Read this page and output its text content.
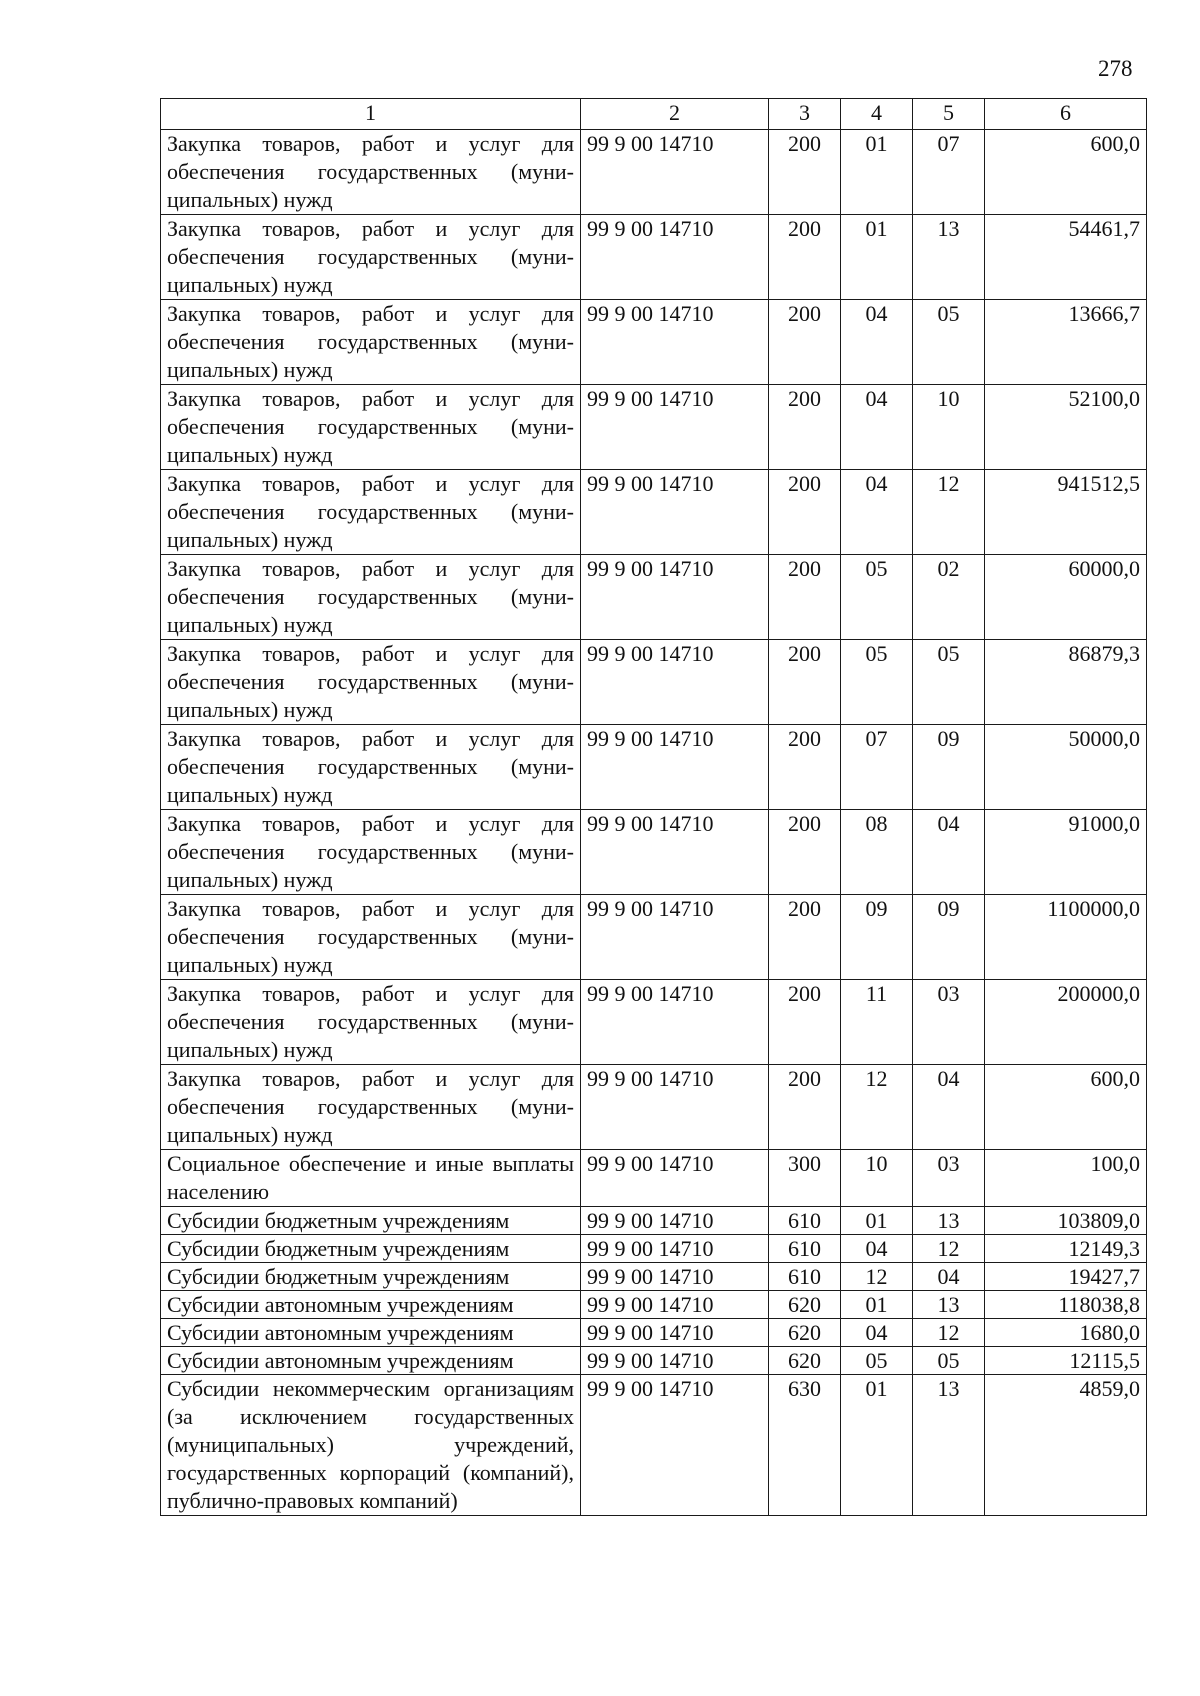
278
1	2	3	4	5	6
Закупка товаров, работ и услуг для обеспечения государственных (муниципальных) нужд	99 9 00 14710	200	01	07	600,0
Закупка товаров, работ и услуг для обеспечения государственных (муниципальных) нужд	99 9 00 14710	200	01	13	54461,7
Закупка товаров, работ и услуг для обеспечения государственных (муниципальных) нужд	99 9 00 14710	200	04	05	13666,7
Закупка товаров, работ и услуг для обеспечения государственных (муниципальных) нужд	99 9 00 14710	200	04	10	52100,0
Закупка товаров, работ и услуг для обеспечения государственных (муниципальных) нужд	99 9 00 14710	200	04	12	941512,5
Закупка товаров, работ и услуг для обеспечения государственных (муниципальных) нужд	99 9 00 14710	200	05	02	60000,0
Закупка товаров, работ и услуг для обеспечения государственных (муниципальных) нужд	99 9 00 14710	200	05	05	86879,3
Закупка товаров, работ и услуг для обеспечения государственных (муниципальных) нужд	99 9 00 14710	200	07	09	50000,0
Закупка товаров, работ и услуг для обеспечения государственных (муниципальных) нужд	99 9 00 14710	200	08	04	91000,0
Закупка товаров, работ и услуг для обеспечения государственных (муниципальных) нужд	99 9 00 14710	200	09	09	1100000,0
Закупка товаров, работ и услуг для обеспечения государственных (муниципальных) нужд	99 9 00 14710	200	11	03	200000,0
Закупка товаров, работ и услуг для обеспечения государственных (муниципальных) нужд	99 9 00 14710	200	12	04	600,0
Социальное обеспечение и иные выплаты населению	99 9 00 14710	300	10	03	100,0
Субсидии бюджетным учреждениям	99 9 00 14710	610	01	13	103809,0
Субсидии бюджетным учреждениям	99 9 00 14710	610	04	12	12149,3
Субсидии бюджетным учреждениям	99 9 00 14710	610	12	04	19427,7
Субсидии автономным учреждениям	99 9 00 14710	620	01	13	118038,8
Субсидии автономным учреждениям	99 9 00 14710	620	04	12	1680,0
Субсидии автономным учреждениям	99 9 00 14710	620	05	05	12115,5
Субсидии некоммерческим организациям (за исключением государственных (муниципальных) учреждений, государственных корпораций (компаний), публично-правовых компаний)	99 9 00 14710	630	01	13	4859,0
